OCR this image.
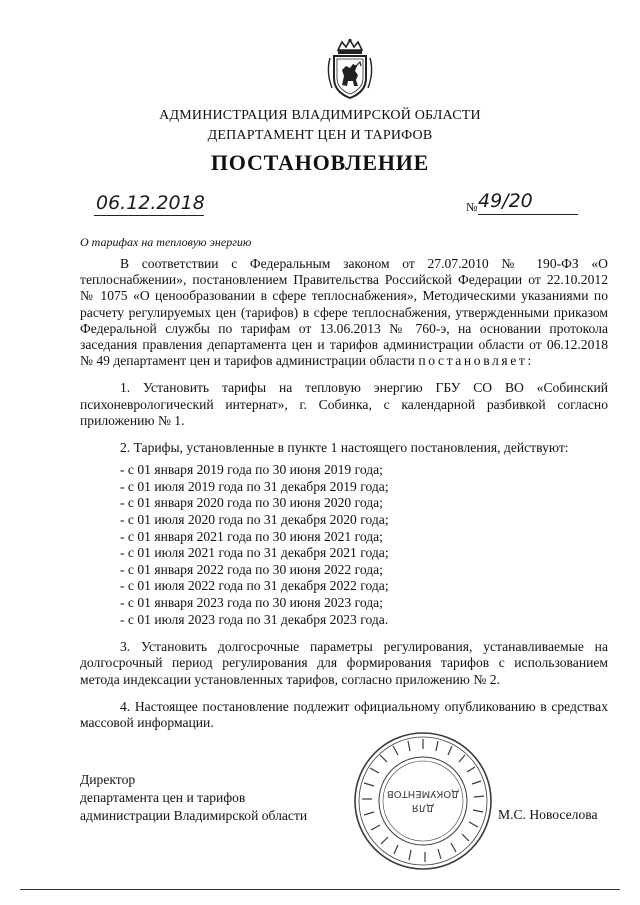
АДМИНИСТРАЦИЯ ВЛАДИМИРСКОЙ ОБЛАСТИ
ДЕПАРТАМЕНТ ЦЕН И ТАРИФОВ
ПОСТАНОВЛЕНИЕ
06.12.2018	№ 49/20
О тарифах на тепловую энергию

В соответствии с Федеральным законом от 27.07.2010 № 190-ФЗ «О теплоснабжении», постановлением Правительства Российской Федерации от 22.10.2012 № 1075 «О ценообразовании в сфере теплоснабжения», Методическими указаниями по расчету регулируемых цен (тарифов) в сфере теплоснабжения, утвержденными приказом Федеральной службы по тарифам от 13.06.2013 № 760-э, на основании протокола заседания правления департамента цен и тарифов администрации области от 06.12.2018 № 49 департамент цен и тарифов администрации области постановляет:

1. Установить тарифы на тепловую энергию ГБУ СО ВО «Собинский психоневрологический интернат», г. Собинка, с календарной разбивкой согласно приложению № 1.

2. Тарифы, установленные в пункте 1 настоящего постановления, действуют:

- с 01 января 2019 года по 30 июня 2019 года;
- с 01 июля 2019 года по 31 декабря 2019 года;
- с 01 января 2020 года по 30 июня 2020 года;
- с 01 июля 2020 года по 31 декабря 2020 года;
- с 01 января 2021 года по 30 июня 2021 года;
- с 01 июля 2021 года по 31 декабря 2021 года;
- с 01 января 2022 года по 30 июня 2022 года;
- с 01 июля 2022 года по 31 декабря 2022 года;
- с 01 января 2023 года по 30 июня 2023 года;
- с 01 июля 2023 года по 31 декабря 2023 года.

3. Установить долгосрочные параметры регулирования, устанавливаемые на долгосрочный период регулирования для формирования тарифов с использованием метода индексации установленных тарифов, согласно приложению № 2.

4. Настоящее постановление подлежит официальному опубликованию в средствах массовой информации.

ДЛЯ
ДОКУМЕНТОВ
Директор
департамента цен и тарифов
администрации Владимирской области	М.С. Новоселова
